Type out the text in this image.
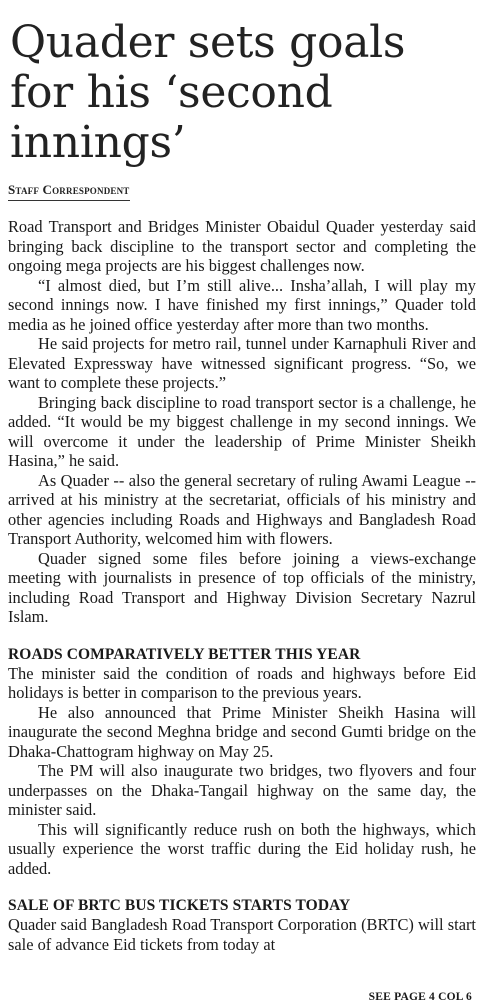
Quader sets goals for his ‘second innings’
Staff Correspondent

Road Transport and Bridges Minister Obaidul Quader yesterday said bringing back discipline to the transport sector and completing the ongoing mega projects are his biggest challenges now.

“I almost died, but I’m still alive... Insha’allah, I will play my second innings now. I have finished my first innings,” Quader told media as he joined office yesterday after more than two months.

He said projects for metro rail, tunnel under Karnaphuli River and Elevated Expressway have witnessed significant progress. “So, we want to complete these projects.”

Bringing back discipline to road transport sector is a challenge, he added. “It would be my biggest challenge in my second innings. We will overcome it under the leadership of Prime Minister Sheikh Hasina,” he said.

As Quader -- also the general secretary of ruling Awami League -- arrived at his ministry at the secretariat, officials of his ministry and other agencies including Roads and Highways and Bangladesh Road Transport Authority, welcomed him with flowers.

Quader signed some files before joining a views-exchange meeting with journalists in presence of top officials of the ministry, including Road Transport and Highway Division Secretary Nazrul Islam.

ROADS COMPARATIVELY BETTER THIS YEAR

The minister said the condition of roads and highways before Eid holidays is better in comparison to the previous years.

He also announced that Prime Minister Sheikh Hasina will inaugurate the second Meghna bridge and second Gumti bridge on the Dhaka-Chattogram highway on May 25.

The PM will also inaugurate two bridges, two flyovers and four underpasses on the Dhaka-Tangail highway on the same day, the minister said.

This will significantly reduce rush on both the highways, which usually experience the worst traffic during the Eid holiday rush, he added.

SALE OF BRTC BUS TICKETS STARTS TODAY

Quader said Bangladesh Road Transport Corporation (BRTC) will start sale of advance Eid tickets from today at

SEE PAGE 4 COL 6
